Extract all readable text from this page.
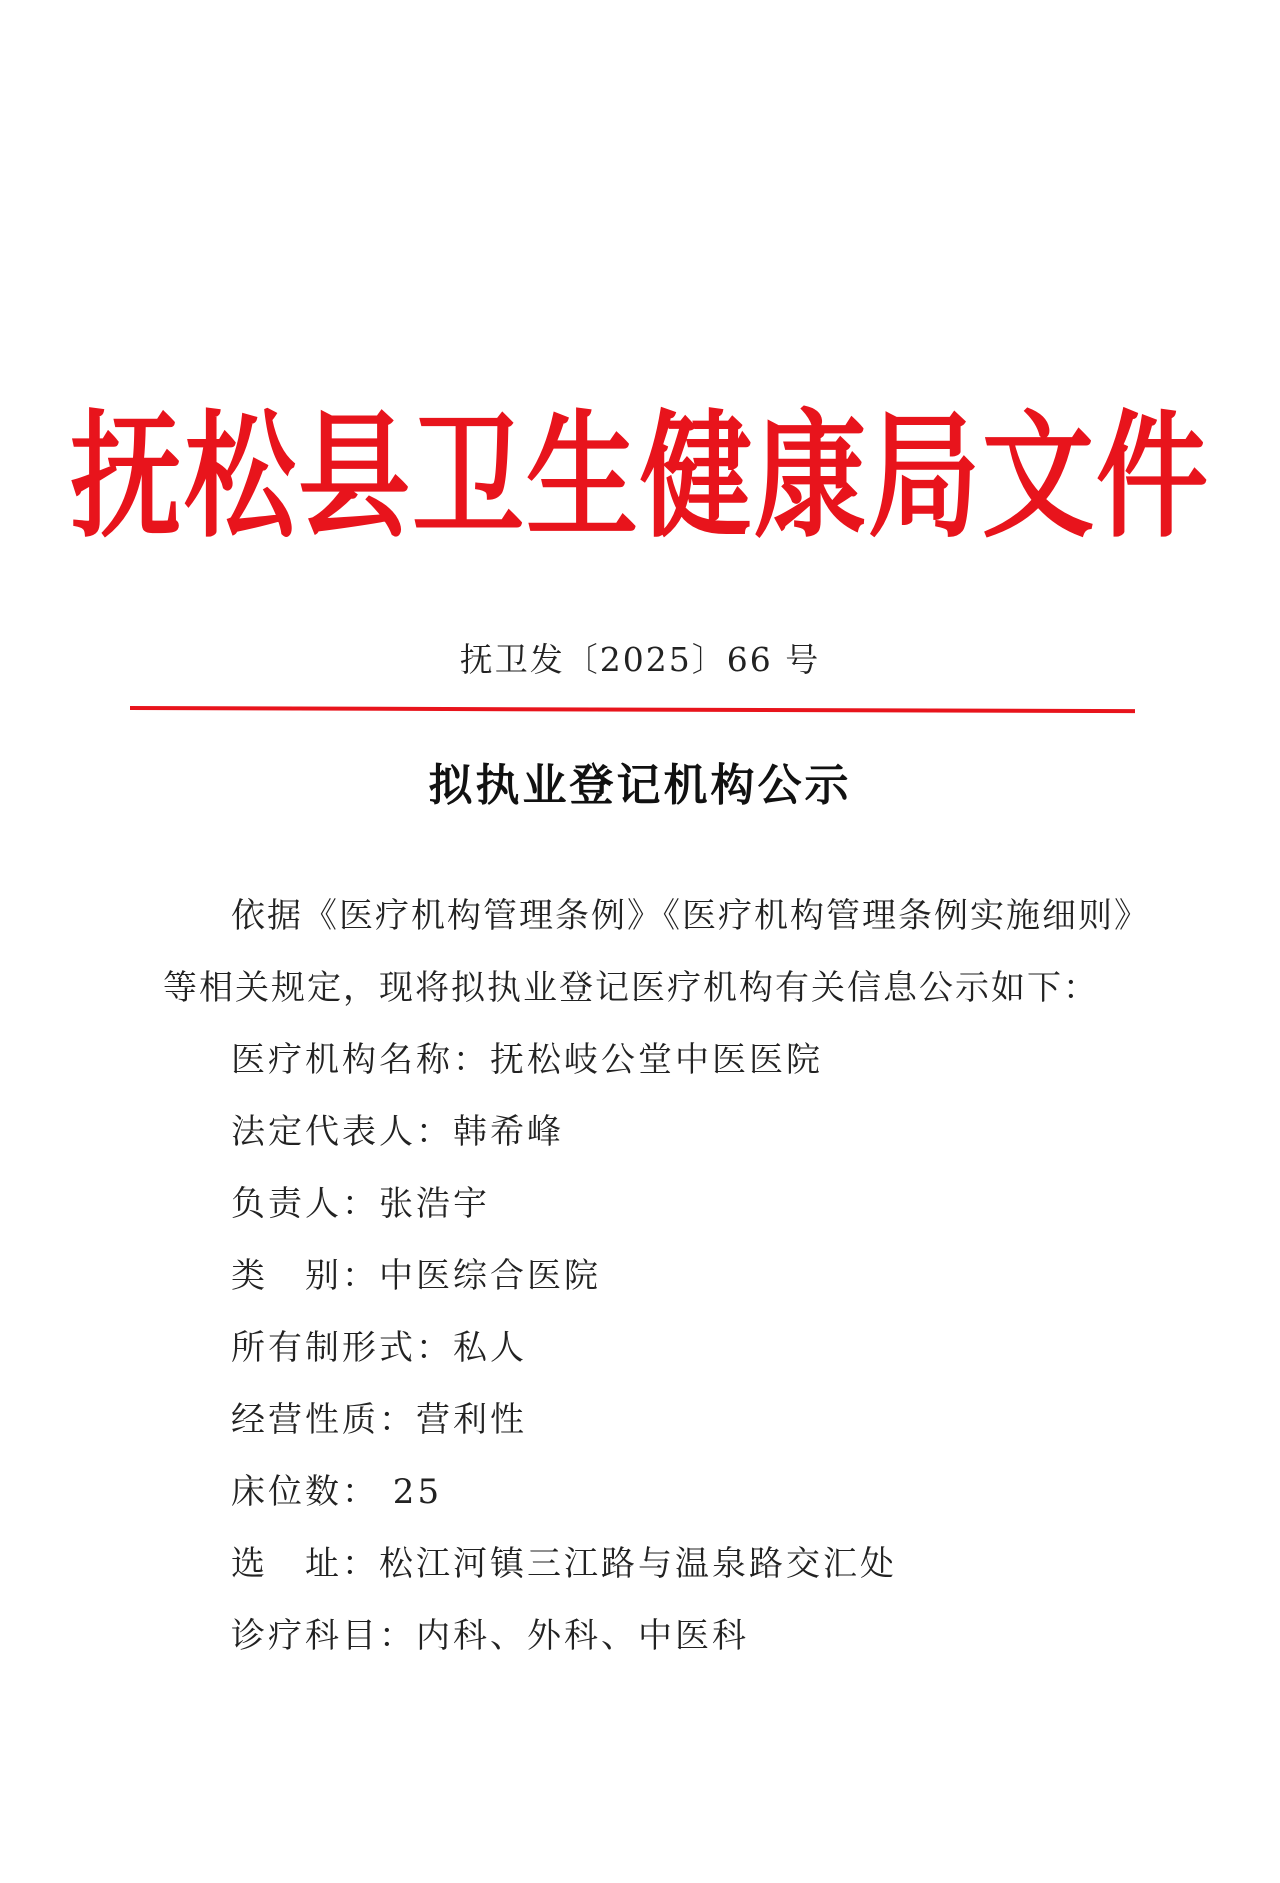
抚松县卫生健康局文件
抚卫发〔2025〕66 号
拟执业登记机构公示

依据《医疗机构管理条例》《医疗机构管理条例实施细则》等相关规定，现将拟执业登记医疗机构有关信息公示如下：

医疗机构名称：抚松岐公堂中医医院

法定代表人：韩希峰

负责人：张浩宇

类　别：中医综合医院

所有制形式：私人

经营性质：营利性

床位数： 25

选　址：松江河镇三江路与温泉路交汇处

诊疗科目：内科、外科、中医科
